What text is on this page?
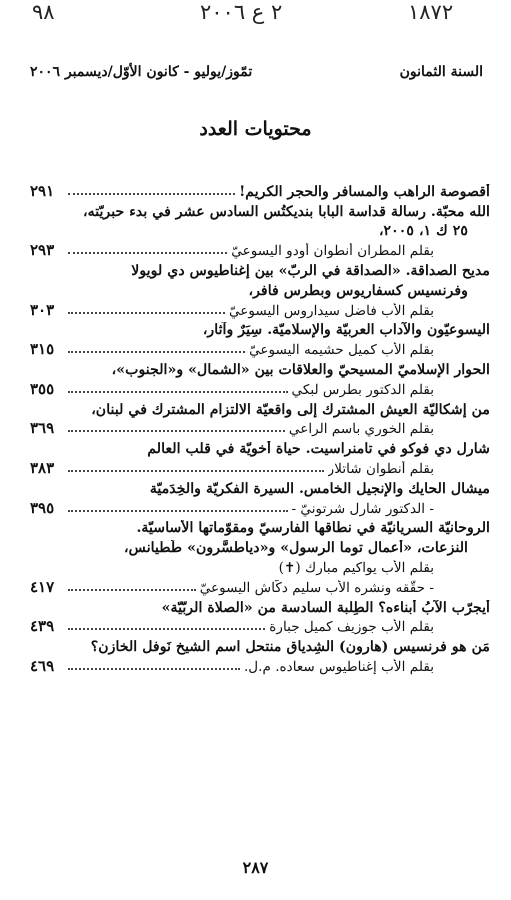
٩٨	٢ ع ٢٠٠٦	١٨٧٢
السنة الثمانون
تمّوز/يوليو - كانون الأوّل/ديسمبر ٢٠٠٦
محتويات العدد
أقصوصة الراهب والمسافر والحجر الكريم!
٢٩١
الله محبّة. رسالة قداسة البابا بنديكتُس السادس عشر في بدء حبريّته،
٢٥ ك ١، ٢٠٠٥،
بقلم المطران أنطوان أودو اليسوعيّ
٢٩٣
مديح الصداقة. «الصداقة في الربّ» بين إغناطيوس دي لويولا
وفرنسيس كسفاريوس وبطرس فافر،
بقلم الأب فاضل سيداروس اليسوعيّ
٣٠٣
اليسوعيّون والآداب العربيّة والإسلاميّة. سِيَرٌ وآثار،
بقلم الأب كميل حشيمه اليسوعيّ
٣١٥
الحوار الإسلاميّ المسيحيّ والعلاقات بين «الشمال» و«الجنوب»،
بقلم الدكتور بطرس لبكي
٣٥٥
من إشكاليّة العيش المشترك إلى واقعيّة الالتزام المشترك في لبنان،
بقلم الخوري باسم الراعي
٣٦٩
شارل دي فوكو في تامنراسيت. حياة أخويّة في قلب العالم
بقلم أنطوان شاتلار
٣٨٣
ميشال الحايك والإنجيل الخامس. السيرة الفكريّة والخِدَميّة
- الدكتور شارل شرتونيّ -
٣٩٥
الروحانيّة السريانيّة في نطاقها الفارسيّ ومقوّماتها الأساسيّة.
النزعات، «أعمال توما الرسول» و«دياطسَّرون» طَطيانس،
بقلم الأب يواكيم مبارك (✝)
- حقّقه ونشره الأب سليم دكّاش اليسوعيّ
٤١٧
أيجرّب الآبُ أبناءه؟ الطِلبة السادسة من «الصلاة الربّيّة»
بقلم الأب جوزيف كميل جبارة
٤٣٩
مَن هو فرنسيس (هارون) الشِدياق منتحل اسم الشيخ نَوفل الخازن؟
بقلم الأب إغناطيوس سعاده. م.ل.
٤٦٩
٢٨٧
